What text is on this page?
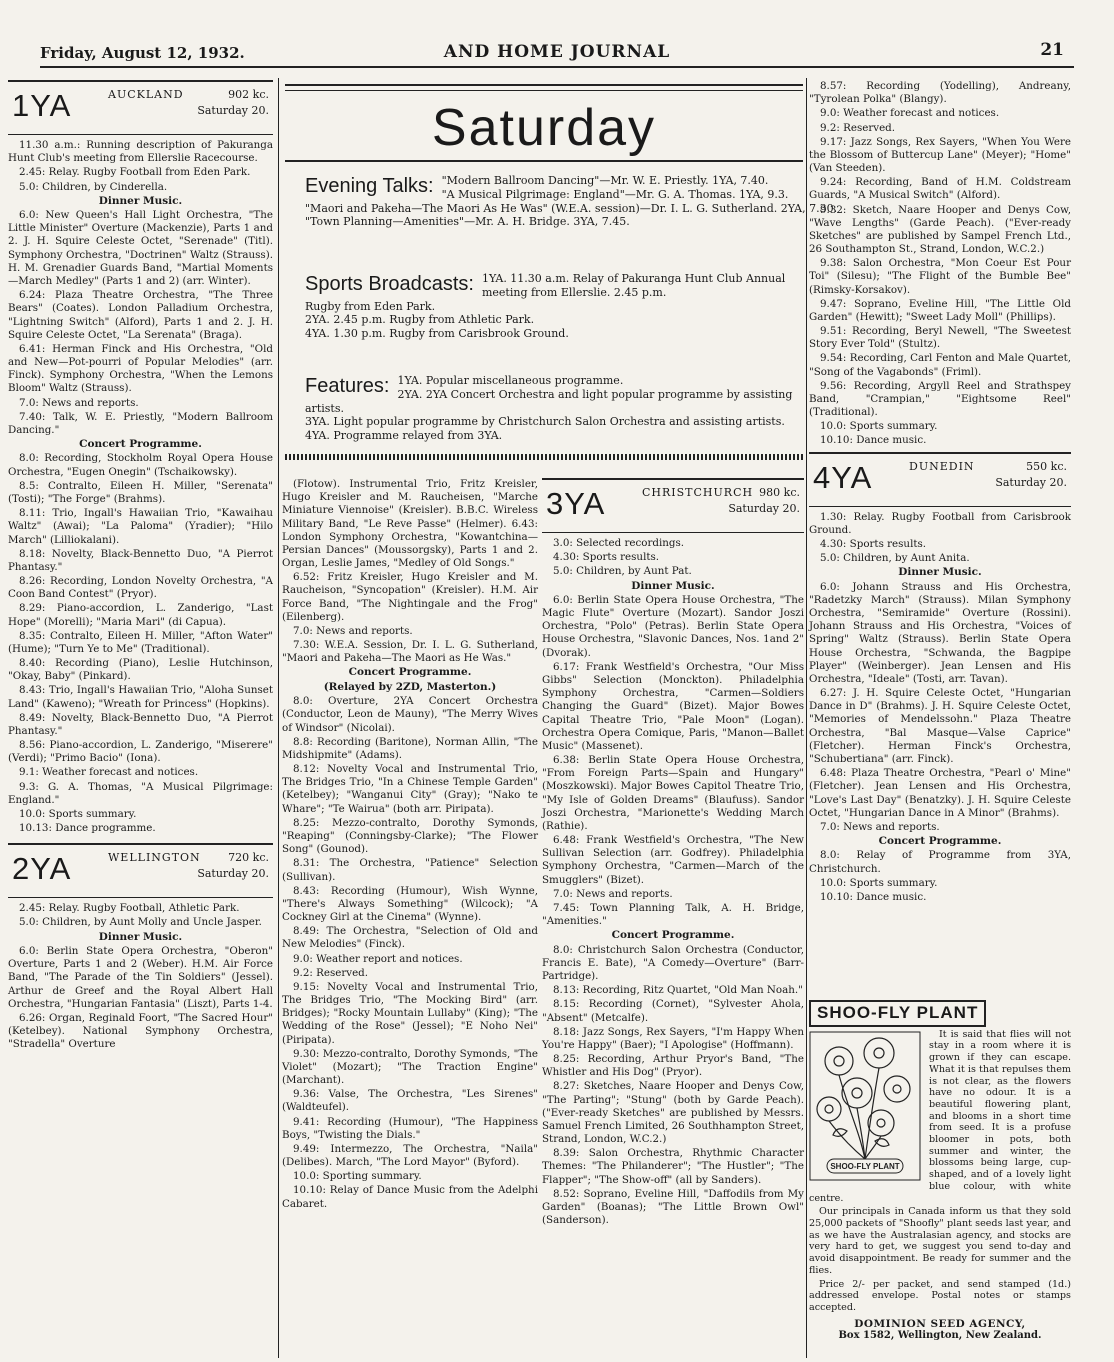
Friday, August 12, 1932.	AND HOME JOURNAL	21
1YA	AUCKLAND	902 kc.
Saturday 20.

11.30 a.m.: Running description of Pakuranga Hunt Club's meeting from Ellerslie Racecourse.

2.45: Relay. Rugby Football from Eden Park.

5.0: Children, by Cinderella.

Dinner Music.

6.0: New Queen's Hall Light Orchestra, "The Little Minister" Overture (Mackenzie), Parts 1 and 2. J. H. Squire Celeste Octet, "Serenade" (Titl). Symphony Orchestra, "Doctrinen" Waltz (Strauss). H. M. Grenadier Guards Band, "Martial Moments—March Medley" (Parts 1 and 2) (arr. Winter).

6.24: Plaza Theatre Orchestra, "The Three Bears" (Coates). London Palladium Orchestra, "Lightning Switch" (Alford), Parts 1 and 2. J. H. Squire Celeste Octet, "La Serenata" (Braga).

6.41: Herman Finck and His Orchestra, "Old and New—Pot-pourri of Popular Melodies" (arr. Finck). Symphony Orchestra, "When the Lemons Bloom" Waltz (Strauss).

7.0: News and reports.

7.40: Talk, W. E. Priestly, "Modern Ballroom Dancing."

Concert Programme.

8.0: Recording, Stockholm Royal Opera House Orchestra, "Eugen Onegin" (Tschaikowsky).

8.5: Contralto, Eileen H. Miller, "Serenata" (Tosti); "The Forge" (Brahms).

8.11: Trio, Ingall's Hawaiian Trio, "Kawaihau Waltz" (Awai); "La Paloma" (Yradier); "Hilo March" (Lilliokalani).

8.18: Novelty, Black-Bennetto Duo, "A Pierrot Phantasy."

8.26: Recording, London Novelty Orchestra, "A Coon Band Contest" (Pryor).

8.29: Piano-accordion, L. Zanderigo, "Last Hope" (Morelli); "Maria Mari" (di Capua).

8.35: Contralto, Eileen H. Miller, "Afton Water" (Hume); "Turn Ye to Me" (Traditional).

8.40: Recording (Piano), Leslie Hutchinson, "Okay, Baby" (Pinkard).

8.43: Trio, Ingall's Hawaiian Trio, "Aloha Sunset Land" (Kaweno); "Wreath for Princess" (Hopkins).

8.49: Novelty, Black-Bennetto Duo, "A Pierrot Phantasy."

8.56: Piano-accordion, L. Zanderigo, "Miserere" (Verdi); "Primo Bacio" (Iona).

9.1: Weather forecast and notices.

9.3: G. A. Thomas, "A Musical Pilgrimage: England."

10.0: Sports summary.

10.13: Dance programme.

2YA	WELLINGTON 720 kc.
Saturday 20.

2.45: Relay. Rugby Football, Athletic Park.

5.0: Children, by Aunt Molly and Uncle Jasper.

Dinner Music.

6.0: Berlin State Opera Orchestra, "Oberon" Overture, Parts 1 and 2 (Weber). H.M. Air Force Band, "The Parade of the Tin Soldiers" (Jessel). Arthur de Greef and the Royal Albert Hall Orchestra, "Hungarian Fantasia" (Liszt), Parts 1-4.

6.26: Organ, Reginald Foort, "The Sacred Hour" (Ketelbey). National Symphony Orchestra, "Stradella" Overture

Saturday
Evening Talks: "Modern Ballroom Dancing"—Mr. W. E. Priestly. 1YA, 7.40.
"A Musical Pilgrimage: England"—Mr. G. A. Thomas. 1YA, 9.3.
"Maori and Pakeha—The Maori As He Was" (W.E.A. session)—Dr. I. L. G. Sutherland. 2YA, 7.30.
"Town Planning—Amenities"—Mr. A. H. Bridge. 3YA, 7.45.
Sports Broadcasts: 1YA. 11.30 a.m. Relay of Pakuranga Hunt Club Annual meeting from Ellerslie. 2.45 p.m.
Rugby from Eden Park.
2YA. 2.45 p.m. Rugby from Athletic Park.
4YA. 1.30 p.m. Rugby from Carisbrook Ground.
Features: 1YA. Popular miscellaneous programme.
2YA. 2YA Concert Orchestra and light popular programme by assisting artists.
3YA. Light popular programme by Christchurch Salon Orchestra and assisting artists.
4YA. Programme relayed from 3YA.

(Flotow). Instrumental Trio, Fritz Kreisler, Hugo Kreisler and M. Raucheisen, "Marche Miniature Viennoise" (Kreisler). B.B.C. Wireless Military Band, "Le Reve Passe" (Helmer). 6.43: London Symphony Orchestra, "Kowantchina—Persian Dances" (Moussorgsky), Parts 1 and 2. Organ, Leslie James, "Medley of Old Songs."

6.52: Fritz Kreisler, Hugo Kreisler and M. Raucheison, "Syncopation" (Kreisler). H.M. Air Force Band, "The Nightingale and the Frog" (Eilenberg).

7.0: News and reports.

7.30: W.E.A. Session, Dr. I. L. G. Sutherland, "Maori and Pakeha—The Maori as He Was."

Concert Programme.

(Relayed by 2ZD, Masterton.)

8.0: Overture, 2YA Concert Orchestra (Conductor, Leon de Mauny), "The Merry Wives of Windsor" (Nicolai).

8.8: Recording (Baritone), Norman Allin, "The Midshipmite" (Adams).

8.12: Novelty Vocal and Instrumental Trio, The Bridges Trio, "In a Chinese Temple Garden" (Ketelbey); "Wanganui City" (Gray); "Nako te Whare"; "Te Wairua" (both arr. Piripata).

8.25: Mezzo-contralto, Dorothy Symonds, "Reaping" (Conningsby-Clarke); "The Flower Song" (Gounod).

8.31: The Orchestra, "Patience" Selection (Sullivan).

8.43: Recording (Humour), Wish Wynne, "There's Always Something" (Wilcock); "A Cockney Girl at the Cinema" (Wynne).

8.49: The Orchestra, "Selection of Old and New Melodies" (Finck).

9.0: Weather report and notices.

9.2: Reserved.

9.15: Novelty Vocal and Instrumental Trio, The Bridges Trio, "The Mocking Bird" (arr. Bridges); "Rocky Mountain Lullaby" (King); "The Wedding of the Rose" (Jessel); "E Noho Nei" (Piripata).

9.30: Mezzo-contralto, Dorothy Symonds, "The Violet" (Mozart); "The Traction Engine" (Marchant).

9.36: Valse, The Orchestra, "Les Sirenes" (Waldteufel).

9.41: Recording (Humour), "The Happiness Boys, "Twisting the Dials."

9.49: Intermezzo, The Orchestra, "Naila" (Delibes). March, "The Lord Mayor" (Byford).

10.0: Sporting summary.

10.10: Relay of Dance Music from the Adelphi Cabaret.

3YA	CHRISTCHURCH 980 kc.
Saturday 20.

3.0: Selected recordings.

4.30: Sports results.

5.0: Children, by Aunt Pat.

Dinner Music.

6.0: Berlin State Opera House Orchestra, "The Magic Flute" Overture (Mozart). Sandor Joszi Orchestra, "Polo" (Petras). Berlin State Opera House Orchestra, "Slavonic Dances, Nos. 1and 2" (Dvorak).

6.17: Frank Westfield's Orchestra, "Our Miss Gibbs" Selection (Monckton). Philadelphia Symphony Orchestra, "Carmen—Soldiers Changing the Guard" (Bizet). Major Bowes Capital Theatre Trio, "Pale Moon" (Logan). Orchestra Opera Comique, Paris, "Manon—Ballet Music" (Massenet).

6.38: Berlin State Opera House Orchestra, "From Foreign Parts—Spain and Hungary" (Moszkowski). Major Bowes Capitol Theatre Trio, "My Isle of Golden Dreams" (Blaufuss). Sandor Joszi Orchestra, "Marionette's Wedding March (Rathie).

6.48: Frank Westfield's Orchestra, "The New Sullivan Selection (arr. Godfrey). Philadelphia Symphony Orchestra, "Carmen—March of the Smugglers" (Bizet).

7.0: News and reports.

7.45: Town Planning Talk, A. H. Bridge, "Amenities."

Concert Programme.

8.0: Christchurch Salon Orchestra (Conductor, Francis E. Bate), "A Comedy—Overture" (Barr-Partridge).

8.13: Recording, Ritz Quartet, "Old Man Noah."

8.15: Recording (Cornet), "Sylvester Ahola, "Absent" (Metcalfe).

8.18: Jazz Songs, Rex Sayers, "I'm Happy When You're Happy" (Baer); "I Apologise" (Hoffmann).

8.25: Recording, Arthur Pryor's Band, "The Whistler and His Dog" (Pryor).

8.27: Sketches, Naare Hooper and Denys Cow, "The Parting"; "Stung" (both by Garde Peach). ("Ever-ready Sketches" are published by Messrs. Samuel French Limited, 26 Southhampton Street, Strand, London, W.C.2.)

8.39: Salon Orchestra, Rhythmic Character Themes: "The Philanderer"; "The Hustler"; "The Flapper"; "The Show-off" (all by Sanders).

8.52: Soprano, Eveline Hill, "Daffodils from My Garden" (Boanas); "The Little Brown Owl" (Sanderson).

8.57: Recording (Yodelling), Andreany, "Tyrolean Polka" (Blangy).

9.0: Weather forecast and notices.

9.2: Reserved.

9.17: Jazz Songs, Rex Sayers, "When You Were the Blossom of Buttercup Lane" (Meyer); "Home" (Van Steeden).

9.24: Recording, Band of H.M. Coldstream Guards, "A Musical Switch" (Alford).

9.32: Sketch, Naare Hooper and Denys Cow, "Wave Lengths" (Garde Peach). ("Ever-ready Sketches" are published by Sampel French Ltd., 26 Southampton St., Strand, London, W.C.2.)

9.38: Salon Orchestra, "Mon Coeur Est Pour Toi" (Silesu); "The Flight of the Bumble Bee" (Rimsky-Korsakov).

9.47: Soprano, Eveline Hill, "The Little Old Garden" (Hewitt); "Sweet Lady Moll" (Phillips).

9.51: Recording, Beryl Newell, "The Sweetest Story Ever Told" (Stultz).

9.54: Recording, Carl Fenton and Male Quartet, "Song of the Vagabonds" (Friml).

9.56: Recording, Argyll Reel and Strathspey Band, "Crampian," "Eightsome Reel" (Traditional).

10.0: Sports summary.

10.10: Dance music.

4YA	DUNEDIN	550 kc.
Saturday 20.

1.30: Relay. Rugby Football from Carisbrook Ground.

4.30: Sports results.

5.0: Children, by Aunt Anita.

Dinner Music.

6.0: Johann Strauss and His Orchestra, "Radetzky March" (Strauss). Milan Symphony Orchestra, "Semiramide" Overture (Rossini). Johann Strauss and His Orchestra, "Voices of Spring" Waltz (Strauss). Berlin State Opera House Orchestra, "Schwanda, the Bagpipe Player" (Weinberger). Jean Lensen and His Orchestra, "Ideale" (Tosti, arr. Tavan).

6.27: J. H. Squire Celeste Octet, "Hungarian Dance in D" (Brahms). J. H. Squire Celeste Octet, "Memories of Mendelssohn." Plaza Theatre Orchestra, "Bal Masque—Valse Caprice" (Fletcher). Herman Finck's Orchestra, "Schubertiana" (arr. Finck).

6.48: Plaza Theatre Orchestra, "Pearl o' Mine" (Fletcher). Jean Lensen and His Orchestra, "Love's Last Day" (Benatzky). J. H. Squire Celeste Octet, "Hungarian Dance in A Minor" (Brahms).

7.0: News and reports.

Concert Programme.

8.0: Relay of Programme from 3YA, Christchurch.

10.0: Sports summary.

10.10: Dance music.

SHOO-FLY PLANT
SHOO-FLY PLANT

It is said that flies will not stay in a room where it is grown if they can escape. What it is that repulses them is not clear, as the flowers have no odour. It is a beautiful flowering plant, and blooms in a short time from seed. It is a profuse bloomer in pots, both summer and winter, the blossoms being large, cup-shaped, and of a lovely light blue colour, with white centre.

Our principals in Canada inform us that they sold 25,000 packets of "Shoofly" plant seeds last year, and as we have the Australasian agency, and stocks are very hard to get, we suggest you send to-day and avoid disappointment. Be ready for summer and the flies.

Price 2/- per packet, and send stamped (1d.) addressed envelope. Postal notes or stamps accepted.

DOMINION SEED AGENCY,
Box 1582, Wellington, New Zealand.
